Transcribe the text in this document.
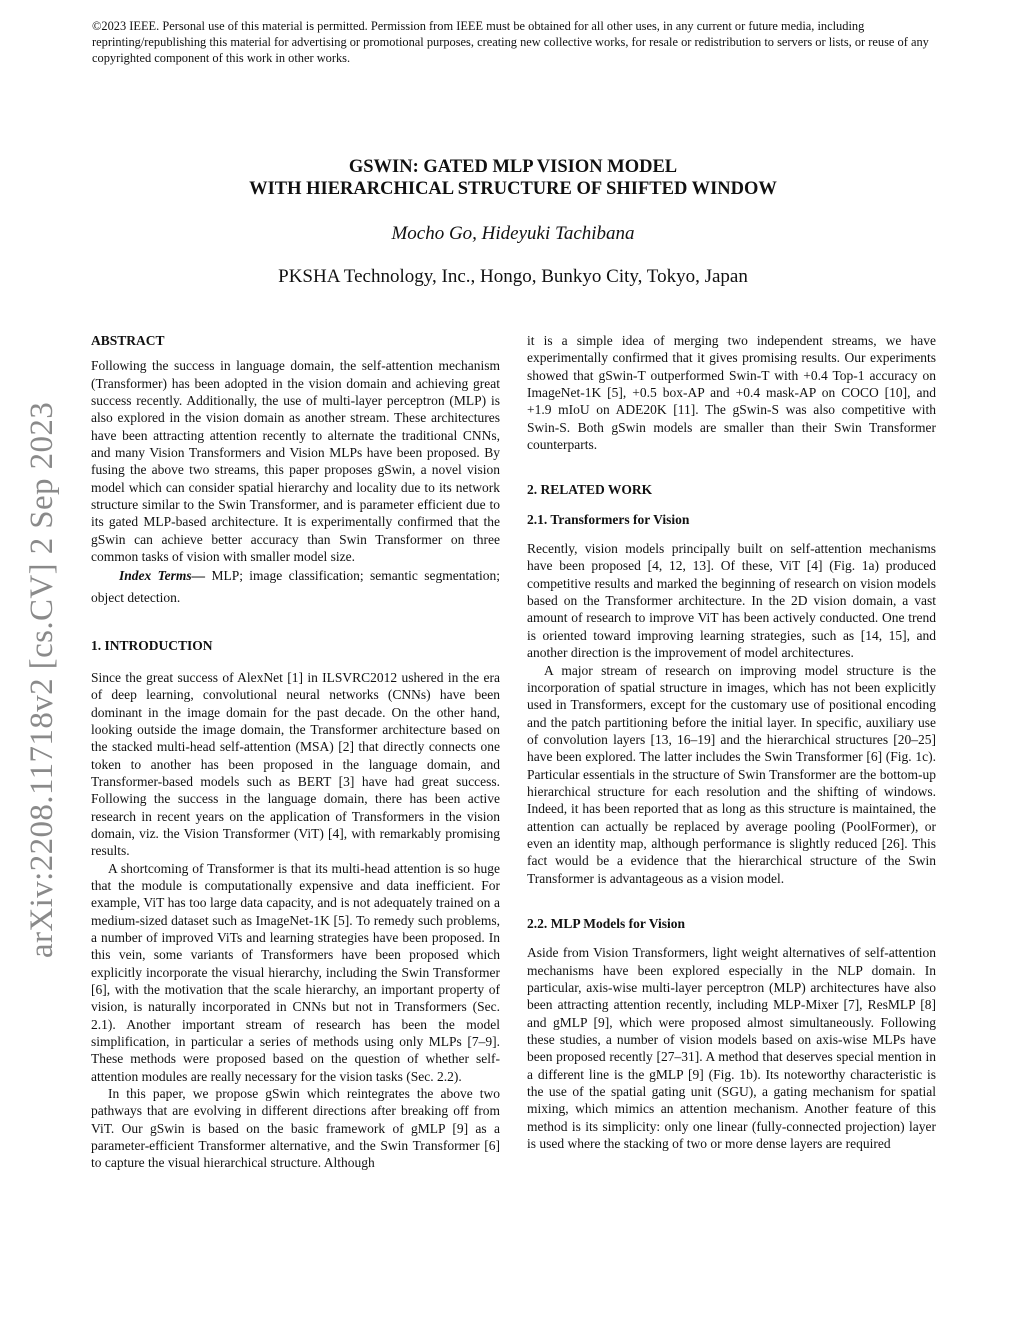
©2023 IEEE. Personal use of this material is permitted. Permission from IEEE must be obtained for all other uses, in any current or future media, including reprinting/republishing this material for advertising or promotional purposes, creating new collective works, for resale or redistribution to servers or lists, or reuse of any copyrighted component of this work in other works.
arXiv:2208.11718v2 [cs.CV] 2 Sep 2023
GSWIN: GATED MLP VISION MODEL
WITH HIERARCHICAL STRUCTURE OF SHIFTED WINDOW
Mocho Go, Hideyuki Tachibana
PKSHA Technology, Inc., Hongo, Bunkyo City, Tokyo, Japan

ABSTRACT

Following the success in language domain, the self-attention mechanism (Transformer) has been adopted in the vision domain and achieving great success recently. Additionally, the use of multi-layer perceptron (MLP) is also explored in the vision domain as another stream. These architectures have been attracting attention recently to alternate the traditional CNNs, and many Vision Transformers and Vision MLPs have been proposed. By fusing the above two streams, this paper proposes gSwin, a novel vision model which can consider spatial hierarchy and locality due to its network structure similar to the Swin Transformer, and is parameter efficient due to its gated MLP-based architecture. It is experimentally confirmed that the gSwin can achieve better accuracy than Swin Transformer on three common tasks of vision with smaller model size.

Index Terms— MLP; image classification; semantic segmentation; object detection.

1. INTRODUCTION

Since the great success of AlexNet [1] in ILSVRC2012 ushered in the era of deep learning, convolutional neural networks (CNNs) have been dominant in the image domain for the past decade. On the other hand, looking outside the image domain, the Transformer architecture based on the stacked multi-head self-attention (MSA) [2] that directly connects one token to another has been proposed in the language domain, and Transformer-based models such as BERT [3] have had great success. Following the success in the language domain, there has been active research in recent years on the application of Transformers in the vision domain, viz. the Vision Transformer (ViT) [4], with remarkably promising results.

A shortcoming of Transformer is that its multi-head attention is so huge that the module is computationally expensive and data inefficient. For example, ViT has too large data capacity, and is not adequately trained on a medium-sized dataset such as ImageNet-1K [5]. To remedy such problems, a number of improved ViTs and learning strategies have been proposed. In this vein, some variants of Transformers have been proposed which explicitly incorporate the visual hierarchy, including the Swin Transformer [6], with the motivation that the scale hierarchy, an important property of vision, is naturally incorporated in CNNs but not in Transformers (Sec. 2.1). Another important stream of research has been the model simplification, in particular a series of methods using only MLPs [7–9]. These methods were proposed based on the question of whether self-attention modules are really necessary for the vision tasks (Sec. 2.2).

In this paper, we propose gSwin which reintegrates the above two pathways that are evolving in different directions after breaking off from ViT. Our gSwin is based on the basic framework of gMLP [9] as a parameter-efficient Transformer alternative, and the Swin Transformer [6] to capture the visual hierarchical structure. Although

it is a simple idea of merging two independent streams, we have experimentally confirmed that it gives promising results. Our experiments showed that gSwin-T outperformed Swin-T with +0.4 Top-1 accuracy on ImageNet-1K [5], +0.5 box-AP and +0.4 mask-AP on COCO [10], and +1.9 mIoU on ADE20K [11]. The gSwin-S was also competitive with Swin-S. Both gSwin models are smaller than their Swin Transformer counterparts.

2. RELATED WORK

2.1. Transformers for Vision

Recently, vision models principally built on self-attention mechanisms have been proposed [4, 12, 13]. Of these, ViT [4] (Fig. 1a) produced competitive results and marked the beginning of research on vision models based on the Transformer architecture. In the 2D vision domain, a vast amount of research to improve ViT has been actively conducted. One trend is oriented toward improving learning strategies, such as [14, 15], and another direction is the improvement of model architectures.

A major stream of research on improving model structure is the incorporation of spatial structure in images, which has not been explicitly used in Transformers, except for the customary use of positional encoding and the patch partitioning before the initial layer. In specific, auxiliary use of convolution layers [13, 16–19] and the hierarchical structures [20–25] have been explored. The latter includes the Swin Transformer [6] (Fig. 1c). Particular essentials in the structure of Swin Transformer are the bottom-up hierarchical structure for each resolution and the shifting of windows. Indeed, it has been reported that as long as this structure is maintained, the attention can actually be replaced by average pooling (PoolFormer), or even an identity map, although performance is slightly reduced [26]. This fact would be a evidence that the hierarchical structure of the Swin Transformer is advantageous as a vision model.

2.2. MLP Models for Vision

Aside from Vision Transformers, light weight alternatives of self-attention mechanisms have been explored especially in the NLP domain. In particular, axis-wise multi-layer perceptron (MLP) architectures have also been attracting attention recently, including MLP-Mixer [7], ResMLP [8] and gMLP [9], which were proposed almost simultaneously. Following these studies, a number of vision models based on axis-wise MLPs have been proposed recently [27–31]. A method that deserves special mention in a different line is the gMLP [9] (Fig. 1b). Its noteworthy characteristic is the use of the spatial gating unit (SGU), a gating mechanism for spatial mixing, which mimics an attention mechanism. Another feature of this method is its simplicity: only one linear (fully-connected projection) layer is used where the stacking of two or more dense layers are required
